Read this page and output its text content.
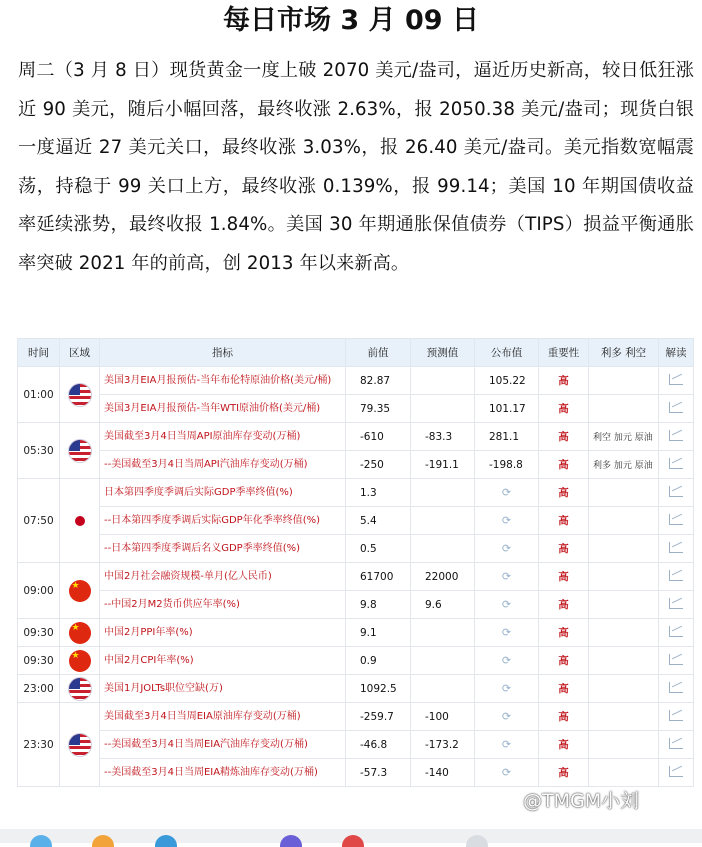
每日市场 3 月 09 日
周二（3 月 8 日）现货黄金一度上破 2070 美元/盎司，逼近历史新高，较日低狂涨近 90 美元，随后小幅回落，最终收涨 2.63%，报 2050.38 美元/盎司；现货白银一度逼近 27 美元关口，最终收涨 3.03%，报 26.40 美元/盎司。美元指数宽幅震荡，持稳于 99 关口上方，最终收涨 0.139%，报 99.14；美国 10 年期国债收益率延续涨势，最终收报 1.84%。美国 30 年期通胀保值债券（TIPS）损益平衡通胀率突破 2021 年的前高，创 2013 年以来新高。
时间	区域	指标	前值	预测值	公布值	重要性	利多 利空	解读
01:00		美国3月EIA月报预估-当年布伦特原油价格(美元/桶)	82.87		105.22	高		
		美国3月EIA月报预估-当年WTI原油价格(美元/桶)	79.35		101.17	高		
05:30		美国截至3月4日当周API原油库存变动(万桶)	-610	-83.3	281.1	高	利空 加元 原油	
		--美国截至3月4日当周API汽油库存变动(万桶)	-250	-191.1	-198.8	高	利多 加元 原油	
07:50		日本第四季度季调后实际GDP季率终值(%)	1.3		⟳	高		
		--日本第四季度季调后实际GDP年化季率终值(%)	5.4		⟳	高		
		--日本第四季度季调后名义GDP季率终值(%)	0.5		⟳	高		
09:00	★	中国2月社会融资规模-单月(亿人民币)	61700	22000	⟳	高		
		--中国2月M2货币供应年率(%)	9.8	9.6	⟳	高		
09:30	★	中国2月PPI年率(%)	9.1		⟳	高		
09:30	★	中国2月CPI年率(%)	0.9		⟳	高		
23:00		美国1月JOLTs职位空缺(万)	1092.5		⟳	高		
23:30		美国截至3月4日当周EIA原油库存变动(万桶)	-259.7	-100	⟳	高		
		--美国截至3月4日当周EIA汽油库存变动(万桶)	-46.8	-173.2	⟳	高		
		--美国截至3月4日当周EIA精炼油库存变动(万桶)	-57.3	-140	⟳	高		
@TMGM小刘
